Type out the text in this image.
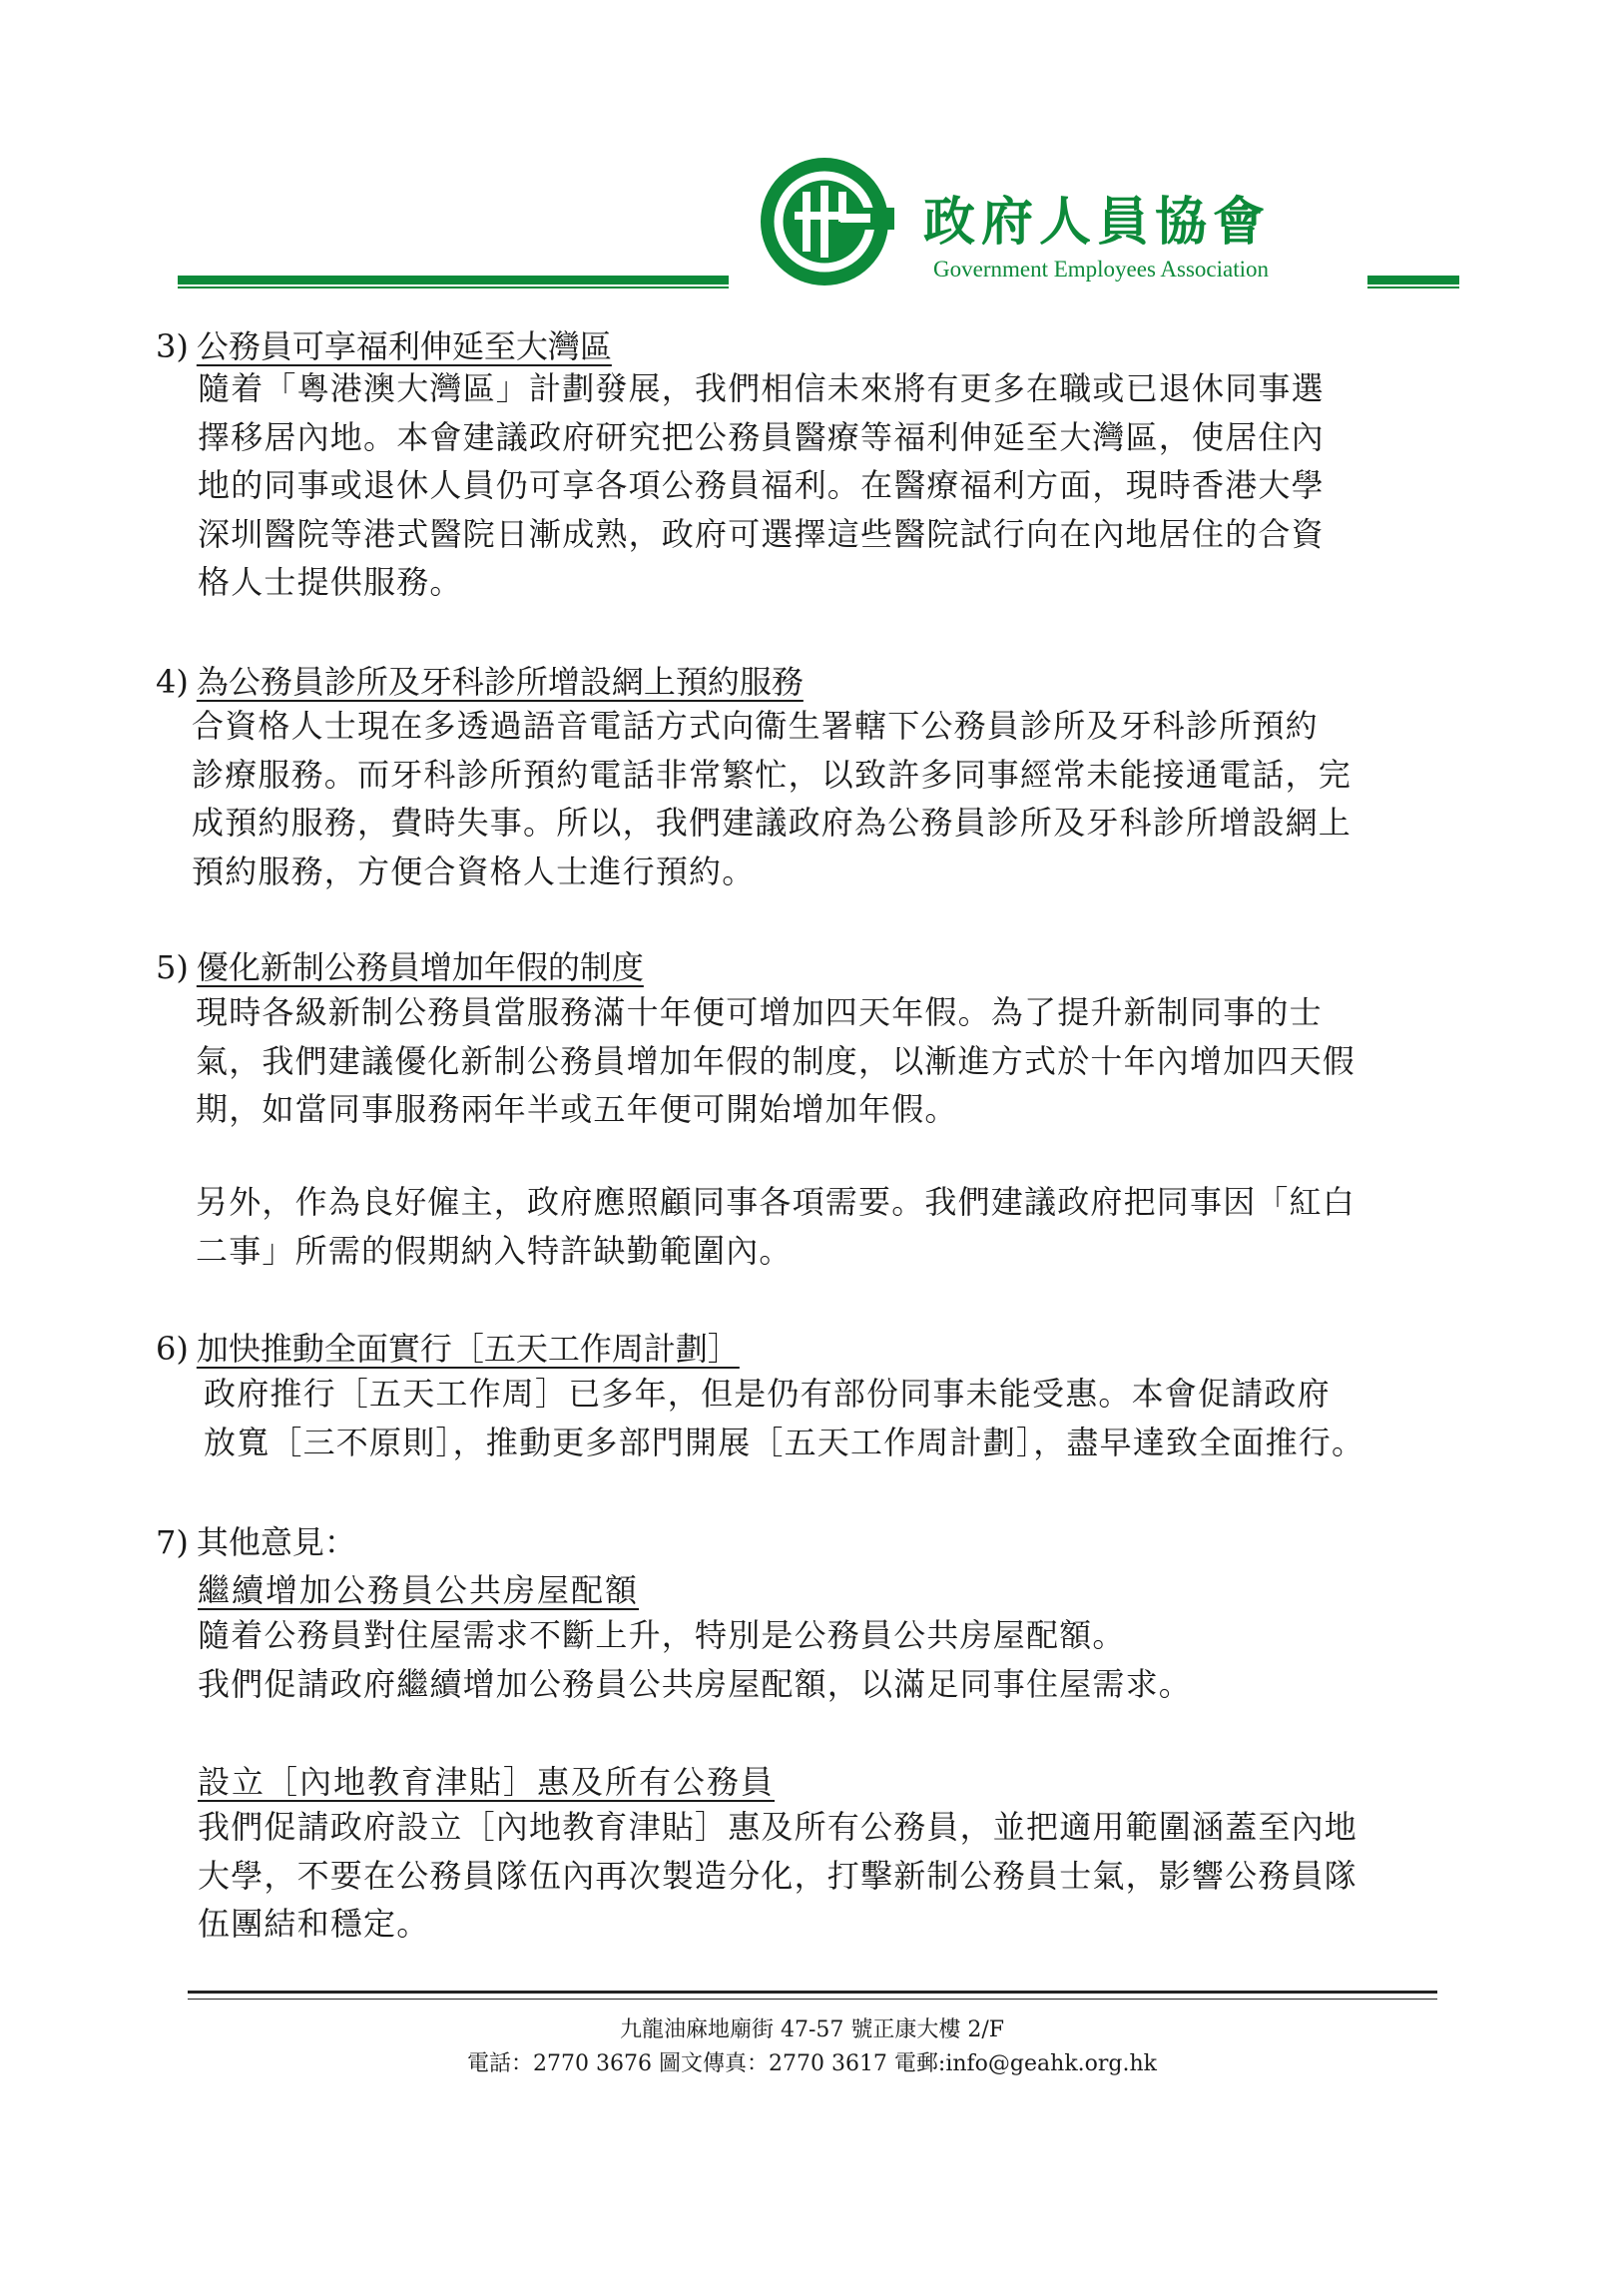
政府人員協會
Government Employees Association
3) 公務員可享福利伸延至大灣區
隨着「粵港澳大灣區」計劃發展，我們相信未來將有更多在職或已退休同事選
擇移居內地。本會建議政府研究把公務員醫療等福利伸延至大灣區，使居住內
地的同事或退休人員仍可享各項公務員福利。在醫療福利方面，現時香港大學
深圳醫院等港式醫院日漸成熟，政府可選擇這些醫院試行向在內地居住的合資
格人士提供服務。
4) 為公務員診所及牙科診所增設網上預約服務
合資格人士現在多透過語音電話方式向衞生署轄下公務員診所及牙科診所預約
診療服務。而牙科診所預約電話非常繁忙，以致許多同事經常未能接通電話，完
成預約服務，費時失事。所以，我們建議政府為公務員診所及牙科診所增設網上
預約服務，方便合資格人士進行預約。
5) 優化新制公務員增加年假的制度
現時各級新制公務員當服務滿十年便可增加四天年假。為了提升新制同事的士
氣，我們建議優化新制公務員增加年假的制度，以漸進方式於十年內增加四天假
期，如當同事服務兩年半或五年便可開始增加年假。
另外，作為良好僱主，政府應照顧同事各項需要。我們建議政府把同事因「紅白
二事」所需的假期納入特許缺勤範圍內。
6) 加快推動全面實行［五天工作周計劃］
政府推行［五天工作周］已多年，但是仍有部份同事未能受惠。本會促請政府
放寬［三不原則］，推動更多部門開展［五天工作周計劃］，盡早達致全面推行。
7) 其他意見：
繼續增加公務員公共房屋配額
隨着公務員對住屋需求不斷上升，特別是公務員公共房屋配額。
我們促請政府繼續增加公務員公共房屋配額，以滿足同事住屋需求。
設立［內地教育津貼］惠及所有公務員
我們促請政府設立［內地教育津貼］惠及所有公務員，並把適用範圍涵蓋至內地
大學，不要在公務員隊伍內再次製造分化，打擊新制公務員士氣，影響公務員隊
伍團結和穩定。
九龍油麻地廟街 47-57 號正康大樓 2/F
電話：2770 3676 圖文傳真：2770 3617 電郵:info@geahk.org.hk
